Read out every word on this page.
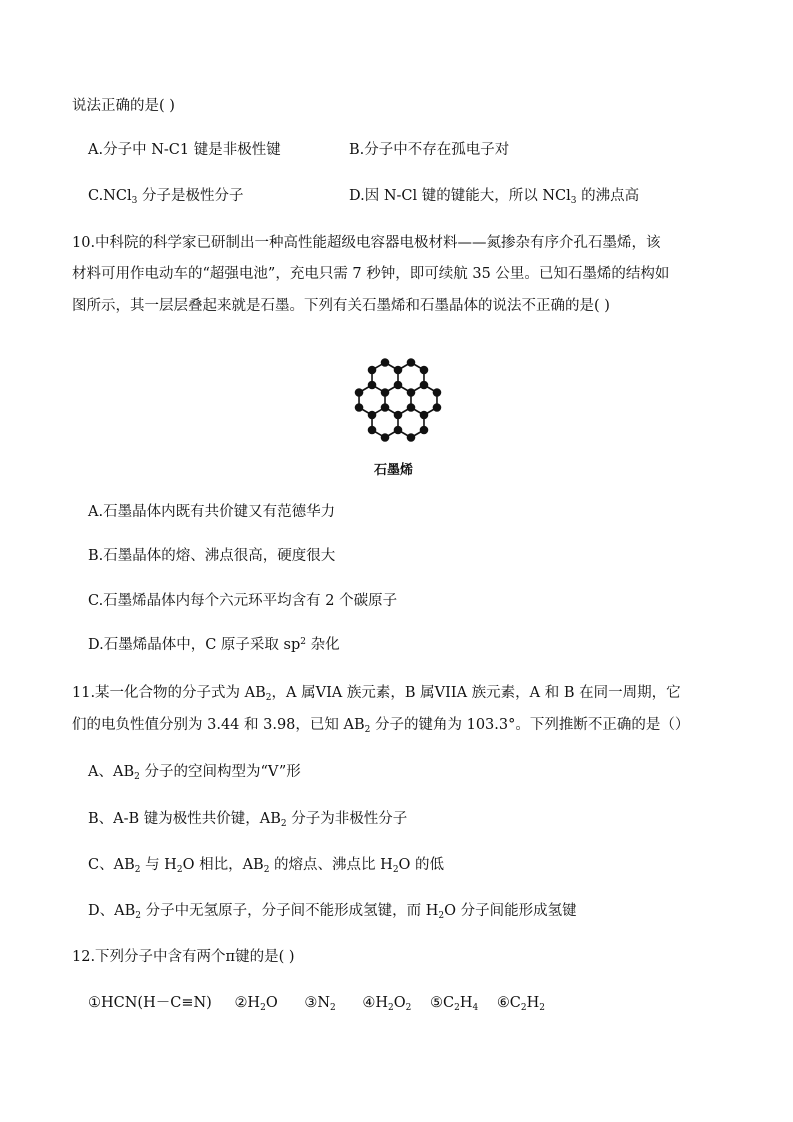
说法正确的是( )
A.分子中 N-C1 键是非极性键	B.分子中不存在孤电子对
C.NCl$_3$ 分子是极性分子	D.因 N-Cl 键的键能大，所以 NCl$_3$ 的沸点高
10.中科院的科学家已研制出一种高性能超级电容器电极材料——氮掺杂有序介孔石墨烯，该
材料可用作电动车的“超强电池”，充电只需 7 秒钟，即可续航 35 公里。已知石墨烯的结构如
图所示，其一层层叠起来就是石墨。下列有关石墨烯和石墨晶体的说法不正确的是( )
石墨烯
A.石墨晶体内既有共价键又有范德华力
B.石墨晶体的熔、沸点很高，硬度很大
C.石墨烯晶体内每个六元环平均含有 2 个碳原子
D.石墨烯晶体中，C 原子采取 $sp^2$ 杂化
11.某一化合物的分子式为 $AB_2$，A 属VIA 族元素，B 属VIIA 族元素，A 和 B 在同一周期，它
们的电负性值分别为 3.44 和 3.98，已知 $AB_2$ 分子的键角为 103.3°。下列推断不正确的是（）
A、$AB_2$ 分子的空间构型为“V”形
B、A-B 键为极性共价键，$AB_2$ 分子为非极性分子
C、$AB_2$ 与 $H_2O$ 相比，$AB_2$ 的熔点、沸点比 $H_2O$ 的低
D、$AB_2$ 分子中无氢原子，分子间不能形成氢键，而 $H_2O$ 分子间能形成氢键
12.下列分子中含有两个π键的是( )
①HCN(H－C≡N) $②H_2O$ $③N_2$ $④H_2O_2$ $⑤C_2H_4$ $⑥C_2H_2$
